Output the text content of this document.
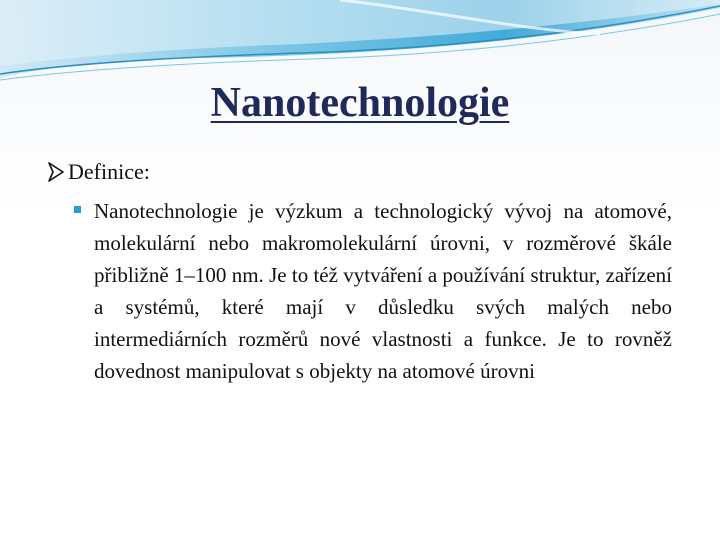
Nanotechnologie
Definice:
Nanotechnologie je výzkum a technologický vývoj na atomové, molekulární nebo makromolekulární úrovni, v rozměrové škále přibližně 1–100 nm. Je to též vytváření a používání struktur, zařízení a systémů, které mají v důsledku svých malých nebo intermediárních rozměrů nové vlastnosti a funkce. Je to rovněž dovednost manipulovat s objekty na atomové úrovni
